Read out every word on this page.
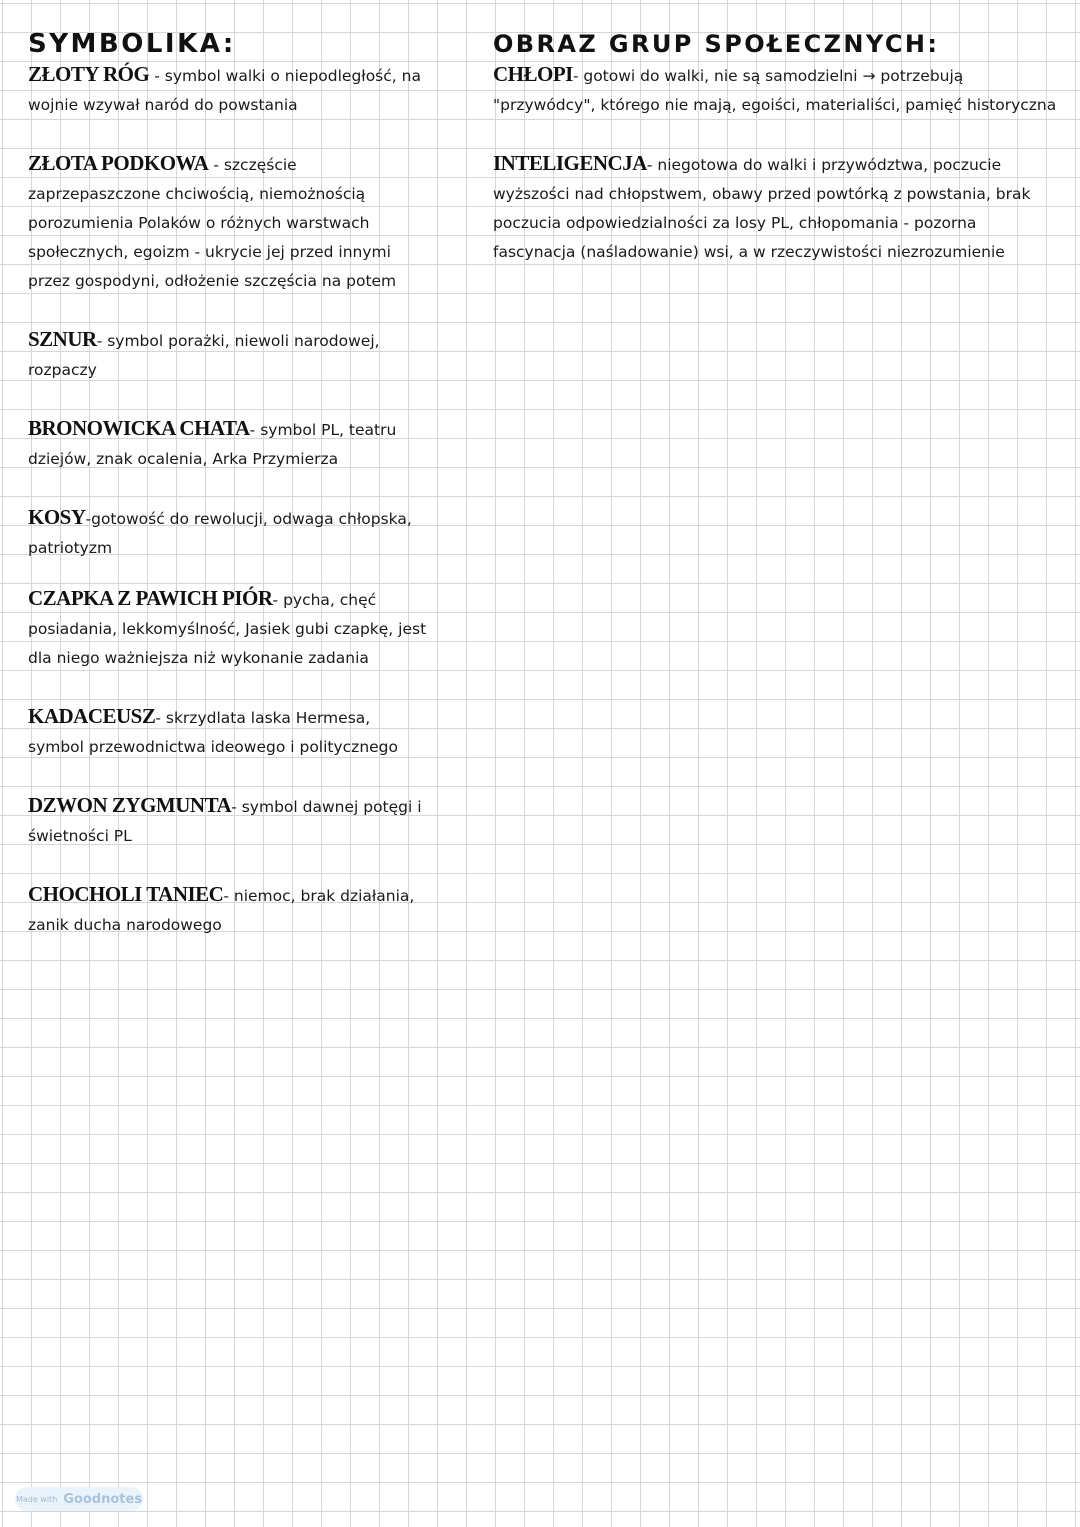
SYMBOLIKA:

ZŁOTY RÓG - symbol walki o niepodległość, na wojnie wzywał naród do powstania

ZŁOTA PODKOWA - szczęście zaprzepaszczone chciwością, niemożnością porozumienia Polaków o różnych warstwach społecznych, egoizm - ukrycie jej przed innymi przez gospodyni, odłożenie szczęścia na potem

SZNUR- symbol porażki, niewoli narodowej, rozpaczy

BRONOWICKA CHATA- symbol PL, teatru dziejów, znak ocalenia, Arka Przymierza

KOSY-gotowość do rewolucji, odwaga chłopska, patriotyzm

CZAPKA Z PAWICH PIÓR- pycha, chęć posiadania, lekkomyślność, Jasiek gubi czapkę, jest dla niego ważniejsza niż wykonanie zadania

KADACEUSZ- skrzydlata laska Hermesa, symbol przewodnictwa ideowego i politycznego

DZWON ZYGMUNTA- symbol dawnej potęgi i świetności PL

CHOCHOLI TANIEC- niemoc, brak działania, zanik ducha narodowego

OBRAZ GRUP SPOŁECZNYCH:

CHŁOPI- gotowi do walki, nie są samodzielni → potrzebują "przywódcy", którego nie mają, egoiści, materialiści, pamięć historyczna

INTELIGENCJA- niegotowa do walki i przywództwa, poczucie wyższości nad chłopstwem, obawy przed powtórką z powstania, brak poczucia odpowiedzialności za losy PL, chłopomania - pozorna fascynacja (naśladowanie) wsi, a w rzeczywistości niezrozumienie

Made with Goodnotes
